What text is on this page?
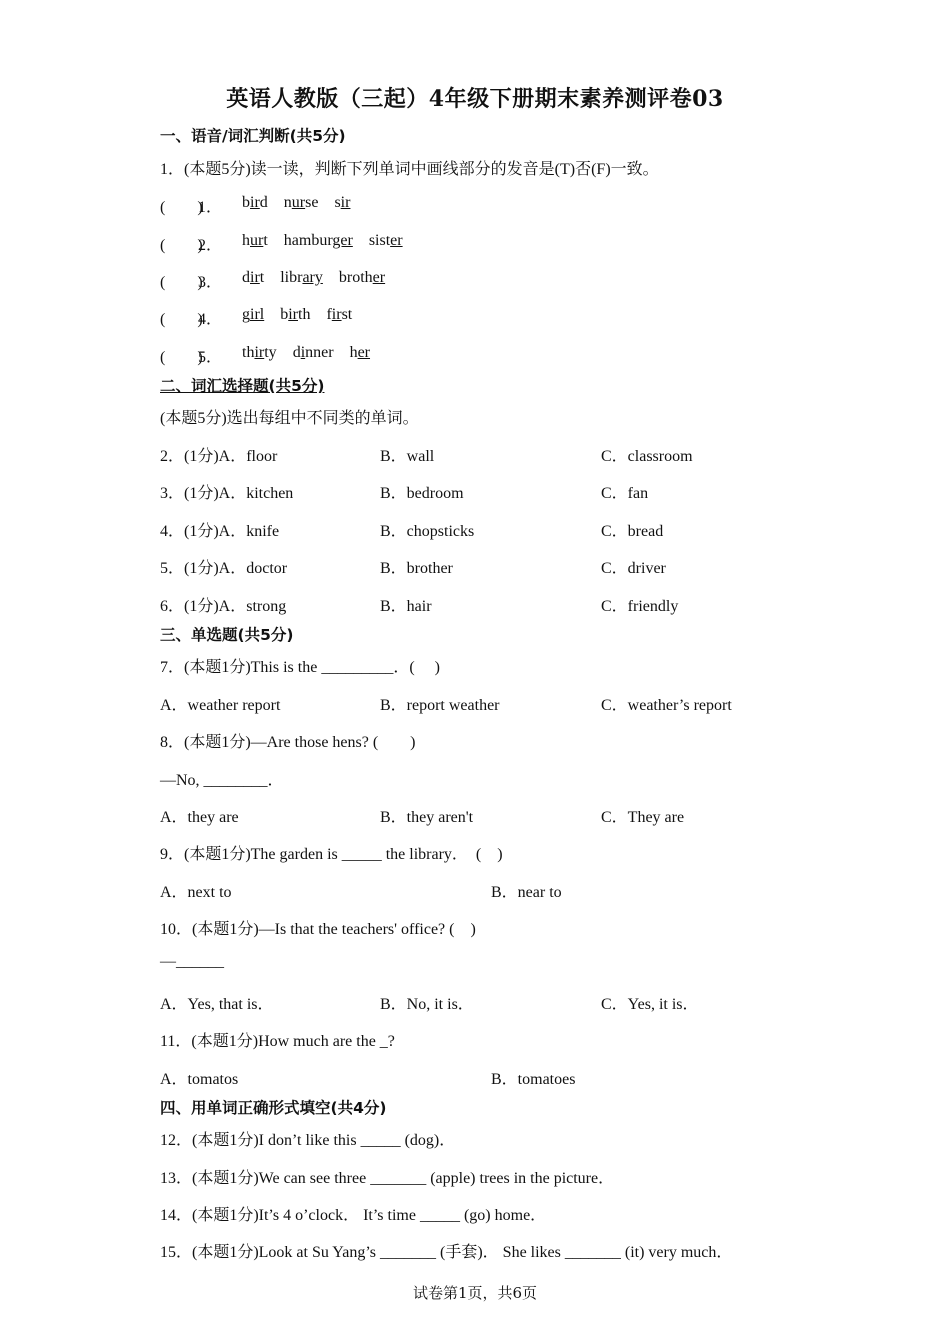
英语人教版（三起）4年级下册期末素养测评卷03
一、语音/词汇判断(共5分)
1．(本题5分)读一读，判断下列单词中画线部分的发音是(T)否(F)一致。
(　　)
1． bird nurse sir
(　　)
2． hurt hamburger sister
(　　)
3． dirt library brother
(　　)
4． girl birth first
(　　)
5． thirty dinner her
二、词汇选择题(共5分)
(本题5分)选出每组中不同类的单词。
2．(1分)A．floor	B．wall	C．classroom
3．(1分)A．kitchen	B．bedroom	C．fan
4．(1分)A．knife	B．chopsticks	C．bread
5．(1分)A．doctor	B．brother	C．driver
6．(1分)A．strong	B．hair	C．friendly
三、单选题(共5分)
7．(本题1分)This is the _________．(　 )
A．weather report	B．report weather	C．weather’s report
8．(本题1分)—Are those hens? (　　)
—No, ________．
A．they are	B．they aren't	C．They are
9．(本题1分)The garden is _____ the library．　(　)
A．next to	B．near to
10．(本题1分)—Is that the teachers' office? (　)
—______
A．Yes, that is．	B．No, it is．	C．Yes, it is．
11．(本题1分)How much are the _?
A．tomatos	B．tomatoes
四、用单词正确形式填空(共4分)
12．(本题1分)I don’t like this _____ (dog)．
13．(本题1分)We can see three _______ (apple) trees in the picture．
14．(本题1分)It’s 4 o’clock． It’s time _____ (go) home．
15．(本题1分)Look at Su Yang’s _______ (手套)． She likes _______ (it) very much．
试卷第1页，共6页
